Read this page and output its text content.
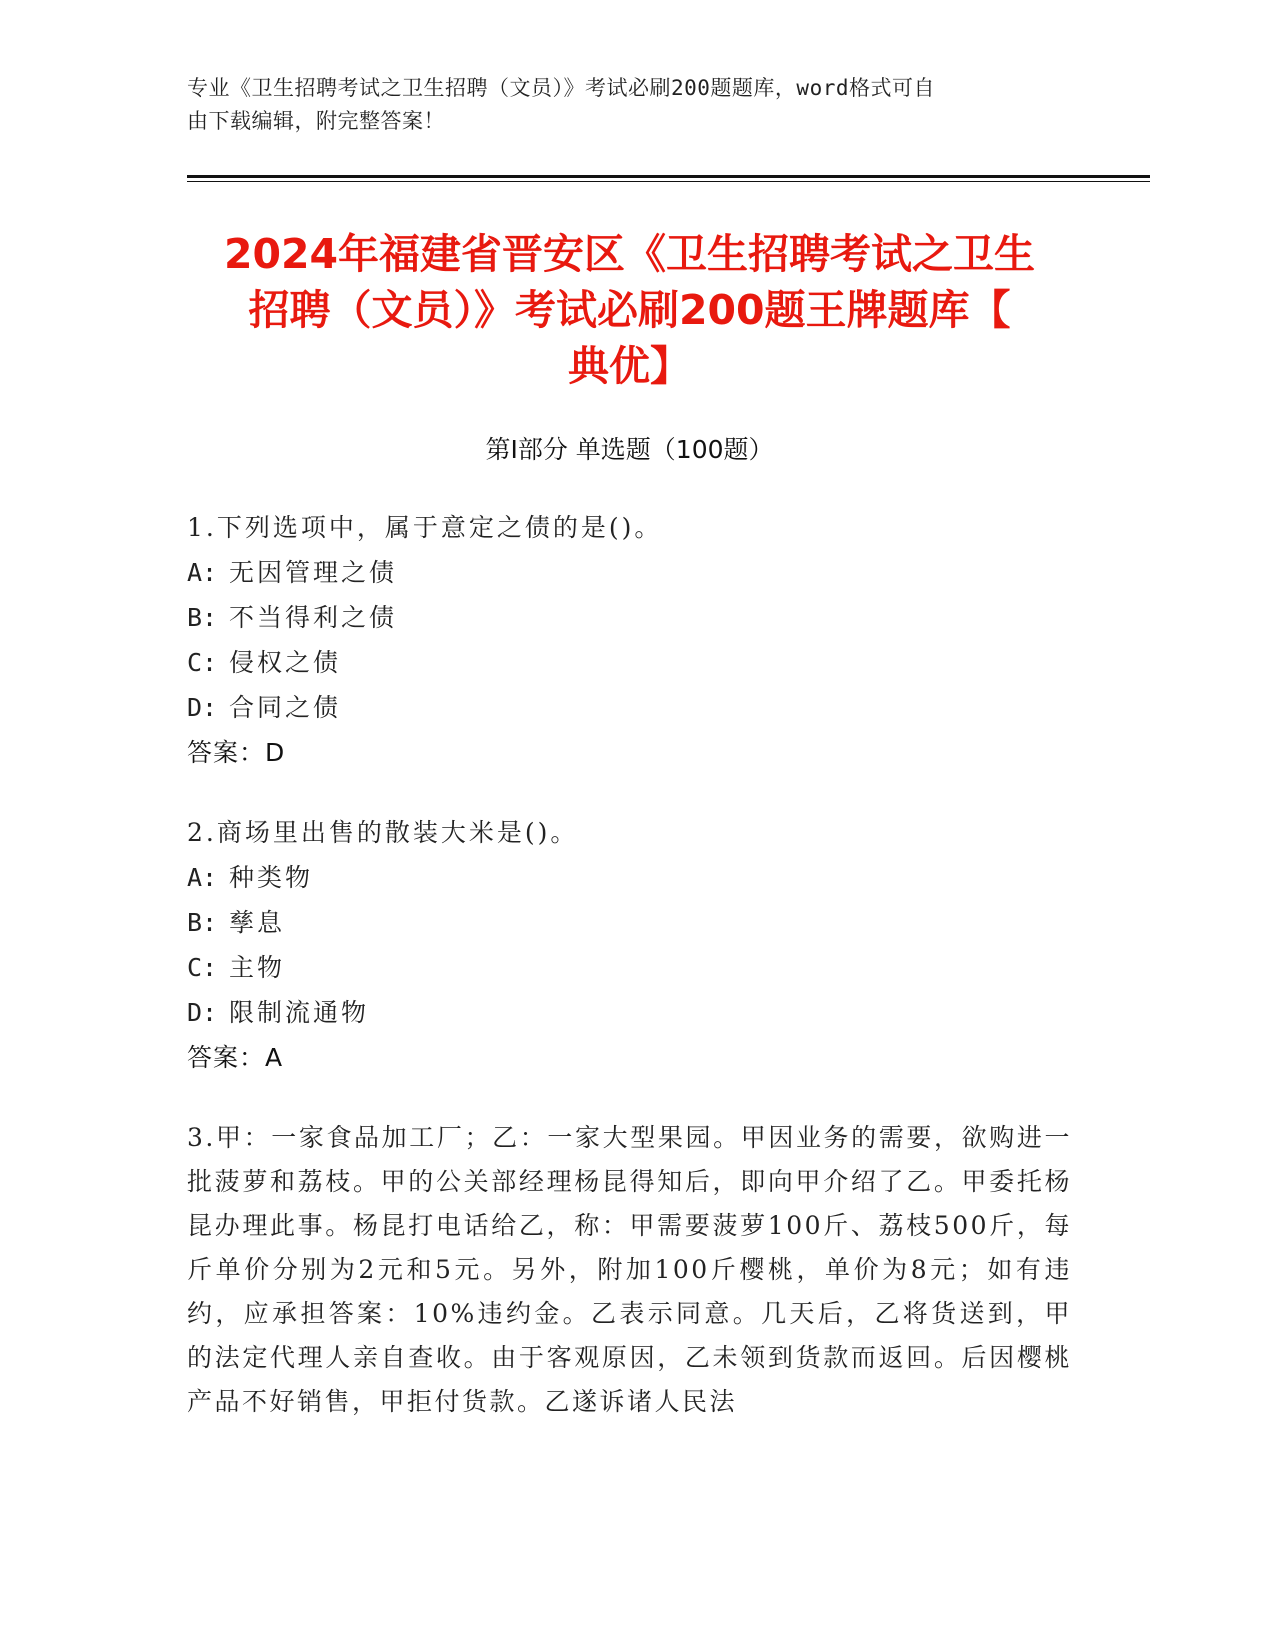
专业《卫生招聘考试之卫生招聘（文员）》考试必刷200题题库，word格式可自
由下载编辑，附完整答案！
2024年福建省晋安区《卫生招聘考试之卫生
招聘（文员）》考试必刷200题王牌题库【
典优】
第Ⅰ部分 单选题（100题）
1.下列选项中，属于意定之债的是()。
A: 无因管理之债
B: 不当得利之债
C: 侵权之债
D: 合同之债
答案：D
2.商场里出售的散装大米是()。
A: 种类物
B: 孳息
C: 主物
D: 限制流通物
答案：A
3.甲：一家食品加工厂；乙：一家大型果园。甲因业务的需要，欲购进一批菠萝和荔枝。甲的公关部经理杨昆得知后，即向甲介绍了乙。甲委托杨昆办理此事。杨昆打电话给乙，称：甲需要菠萝100斤、荔枝500斤，每斤单价分别为2元和5元。另外，附加100斤樱桃，单价为8元；如有违约，应承担答案：10%违约金。乙表示同意。几天后，乙将货送到，甲的法定代理人亲自查收。由于客观原因，乙未领到货款而返回。后因樱桃产品不好销售，甲拒付货款。乙遂诉诸人民法
